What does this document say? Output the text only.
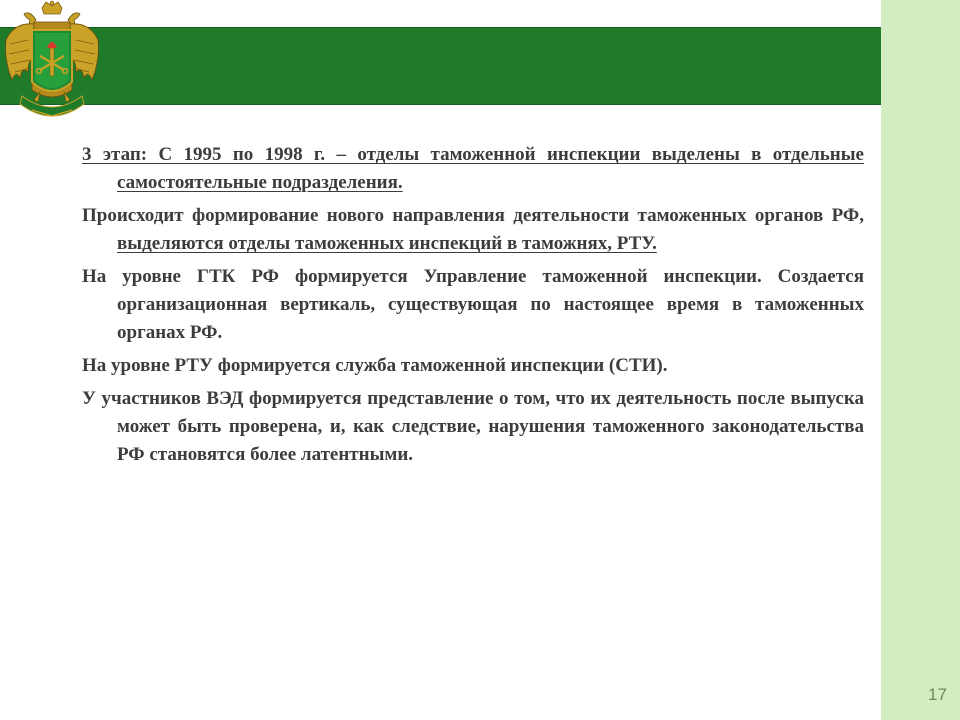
3 этап: С 1995 по 1998 г. – отделы таможенной инспекции выделены в отдельные самостоятельные подразделения.

Происходит формирование нового направления деятельности таможенных органов РФ, выделяются отделы таможенных инспекций в таможнях, РТУ.

На уровне ГТК РФ формируется Управление таможенной инспекции. Создается организационная вертикаль, существующая по настоящее время в таможенных органах РФ.

На уровне РТУ формируется служба таможенной инспекции (СТИ).

У участников ВЭД формируется представление о том, что их деятельность после выпуска может быть проверена, и, как следствие, нарушения таможенного законодательства РФ становятся более латентными.

17
